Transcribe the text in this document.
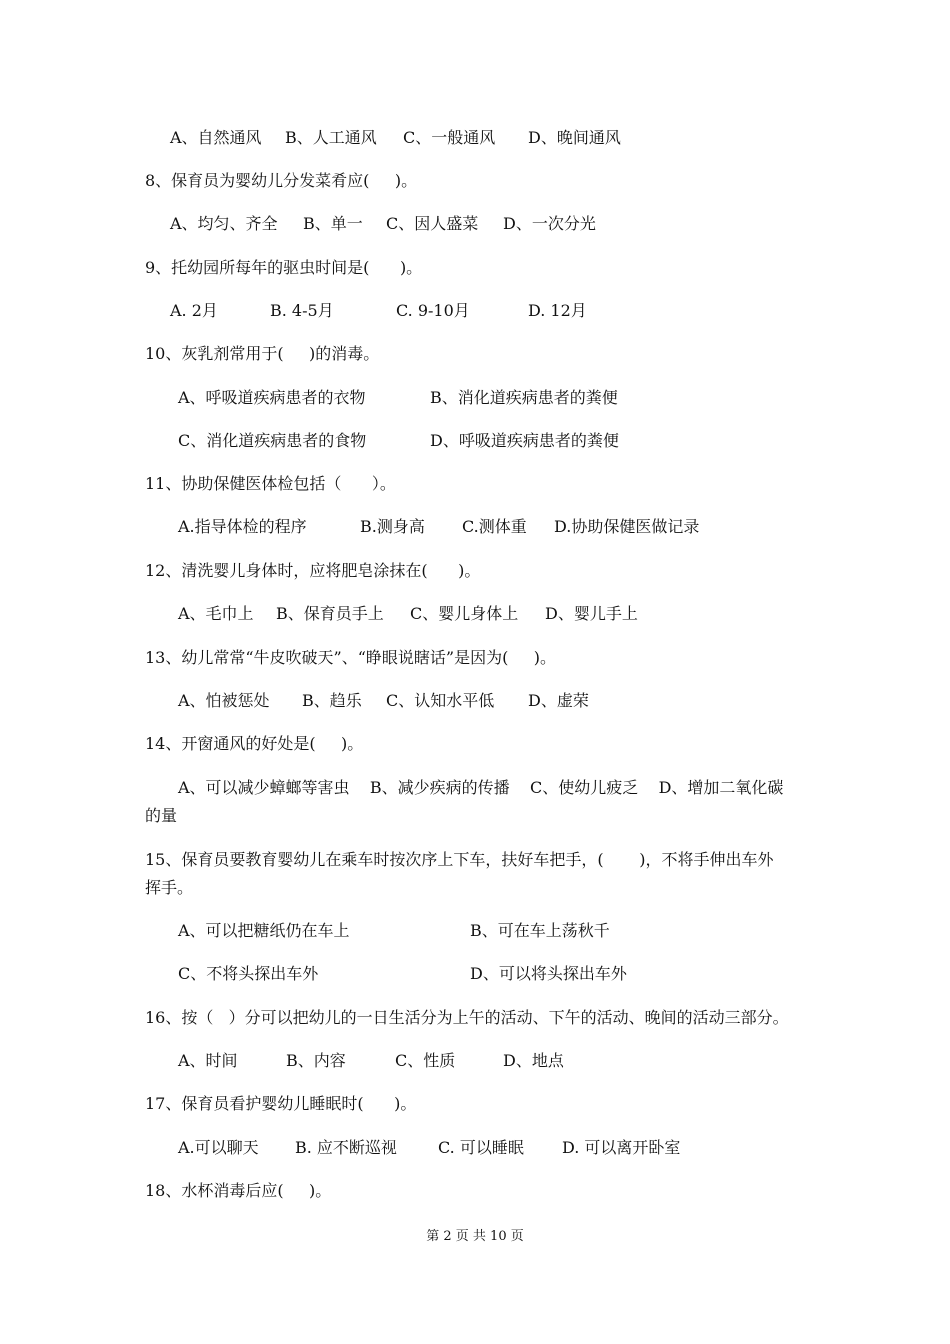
A、自然通风 B、人工通风 C、一般通风 D、晚间通风
8、保育员为婴幼儿分发菜肴应(     )。
A、均匀、齐全 B、单一 C、因人盛菜 D、一次分光
9、托幼园所每年的驱虫时间是(      )。
A. 2月	B. 4-5月	C. 9-10月	D. 12月
10、灰乳剂常用于(     )的消毒。
A、呼吸道疾病患者的衣物	B、消化道疾病患者的粪便
C、消化道疾病患者的食物	D、呼吸道疾病患者的粪便
11、协助保健医体检包括（      ）。
A.指导体检的程序	B.测身高 C.测体重 D.协助保健医做记录
12、清洗婴儿身体时，应将肥皂涂抹在(      )。
A、毛巾上 B、保育员手上 C、婴儿身体上 D、婴儿手上
13、幼儿常常“牛皮吹破天”、“睁眼说瞎话”是因为(     )。
A、怕被惩处 B、趋乐 C、认知水平低 D、虚荣
14、开窗通风的好处是(     )。
A、可以减少蟑螂等害虫    B、减少疾病的传播    C、使幼儿疲乏    D、增加二氧化碳
的量
15、保育员要教育婴幼儿在乘车时按次序上下车，扶好车把手，(       )，不将手伸出车外
挥手。
A、可以把糖纸仍在车上	B、可在车上荡秋千
C、不将头探出车外	D、可以将头探出车外
16、按（   ）分可以把幼儿的一日生活分为上午的活动、下午的活动、晚间的活动三部分。
A、时间	B、内容	C、性质	D、地点
17、保育员看护婴幼儿睡眠时(      )。
A.可以聊天 B. 应不断巡视	C. 可以睡眠 D. 可以离开卧室
18、水杯消毒后应(     )。
第 2 页 共 10 页
